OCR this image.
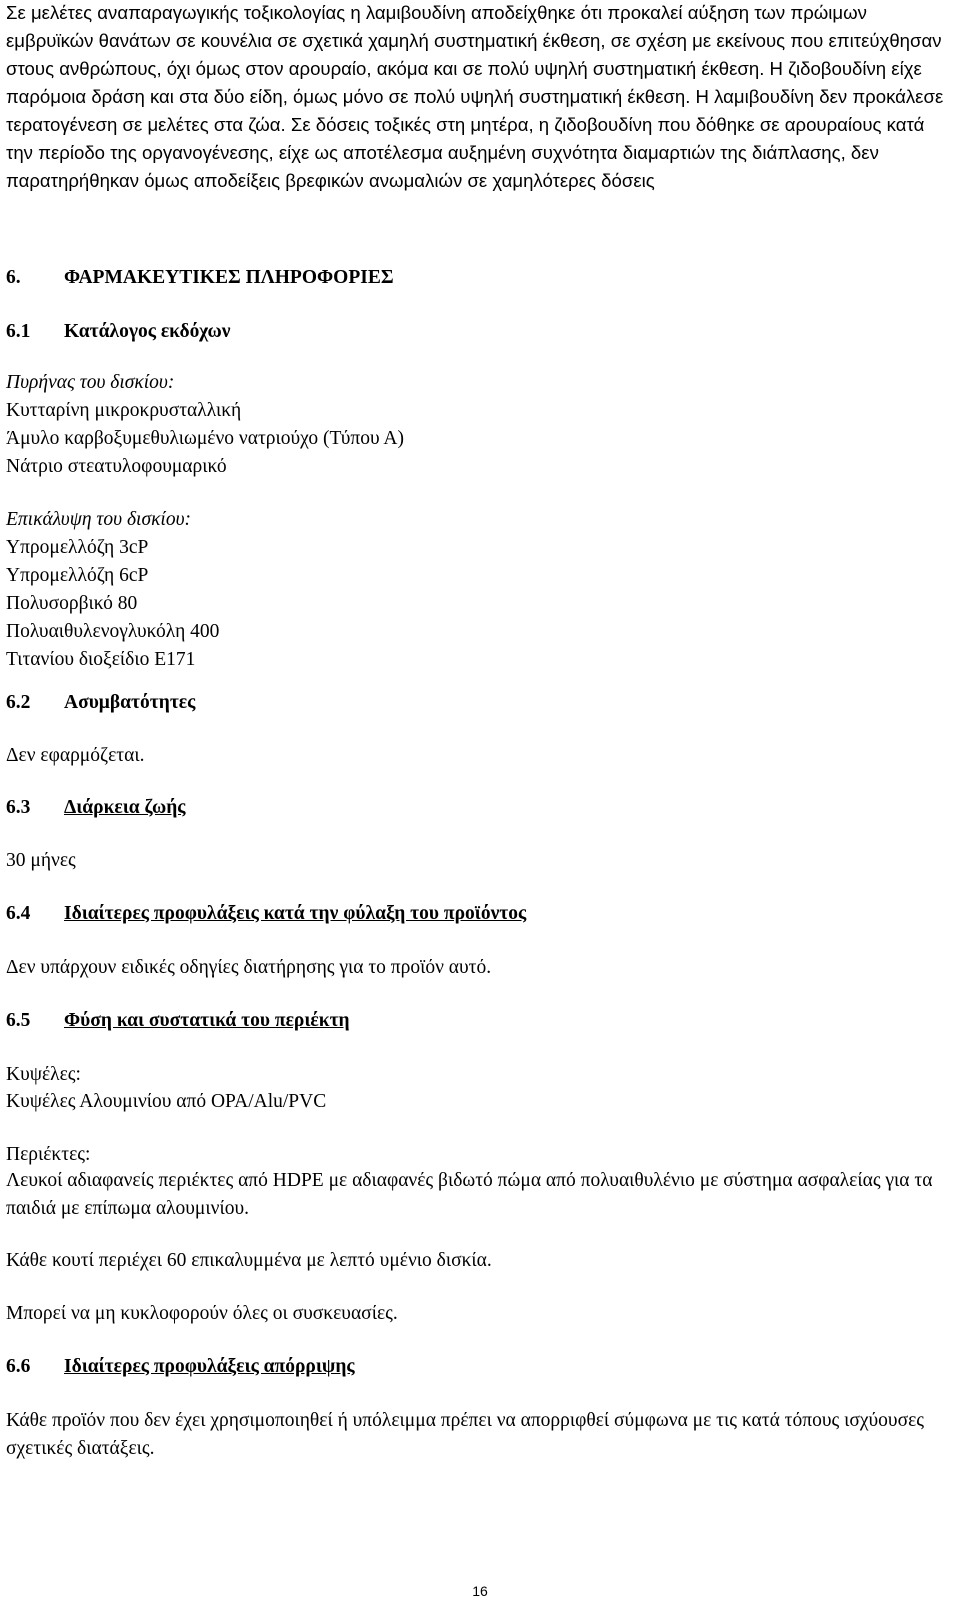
Σε μελέτες αναπαραγωγικής τοξικολογίας η λαμιβουδίνη αποδείχθηκε ότι προκαλεί αύξηση των πρώιμων εμβρυϊκών θανάτων σε κουνέλια σε σχετικά χαμηλή συστηματική έκθεση, σε σχέση με εκείνους που επιτεύχθησαν στους ανθρώπους, όχι όμως στον αρουραίο, ακόμα και σε πολύ υψηλή συστηματική έκθεση. Η ζιδοβουδίνη είχε παρόμοια δράση και στα δύο είδη, όμως μόνο σε πολύ υψηλή συστηματική έκθεση. Η λαμιβουδίνη δεν προκάλεσε τερατογένεση σε μελέτες στα ζώα. Σε δόσεις τοξικές στη μητέρα, η ζιδοβουδίνη που δόθηκε σε αρουραίους κατά την περίοδο της οργανογένεσης, είχε ως αποτέλεσμα αυξημένη συχνότητα διαμαρτιών της διάπλασης, δεν παρατηρήθηκαν όμως αποδείξεις βρεφικών ανωμαλιών σε χαμηλότερες δόσεις

6.	ΦΑΡΜΑΚΕΥΤΙΚΕΣ ΠΛΗΡΟΦΟΡΙΕΣ
6.1	Κατάλογος εκδόχων

Πυρήνας του δισκίου:

Κυτταρίνη μικροκρυσταλλική

Άμυλο καρβοξυμεθυλιωμένο νατριούχο (Τύπου Α)

Νάτριο στεατυλοφουμαρικό

Επικάλυψη του δισκίου:

Υπρομελλόζη 3cP

Υπρομελλόζη 6cP

Πολυσορβικό 80

Πολυαιθυλενογλυκόλη 400

Τιτανίου διοξείδιο E171

6.2	Ασυμβατότητες

Δεν εφαρμόζεται.

6.3	Διάρκεια ζωής

30 μήνες

6.4	Ιδιαίτερες προφυλάξεις κατά την φύλαξη του προϊόντος

Δεν υπάρχουν ειδικές οδηγίες διατήρησης για το προϊόν αυτό.

6.5	Φύση και συστατικά του περιέκτη

Κυψέλες:

Κυψέλες Αλουμινίου από OPA/Alu/PVC

Περιέκτες:

Λευκοί αδιαφανείς περιέκτες από HDPE με αδιαφανές βιδωτό πώμα από πολυαιθυλένιο με σύστημα ασφαλείας για τα παιδιά με επίπωμα αλουμινίου.

Κάθε κουτί περιέχει 60 επικαλυμμένα με λεπτό υμένιο δισκία.

Μπορεί να μη κυκλοφορούν όλες οι συσκευασίες.

6.6	Ιδιαίτερες προφυλάξεις απόρριψης

Κάθε προϊόν που δεν έχει χρησιμοποιηθεί ή υπόλειμμα πρέπει να απορριφθεί σύμφωνα με τις κατά τόπους ισχύουσες σχετικές διατάξεις.

16
